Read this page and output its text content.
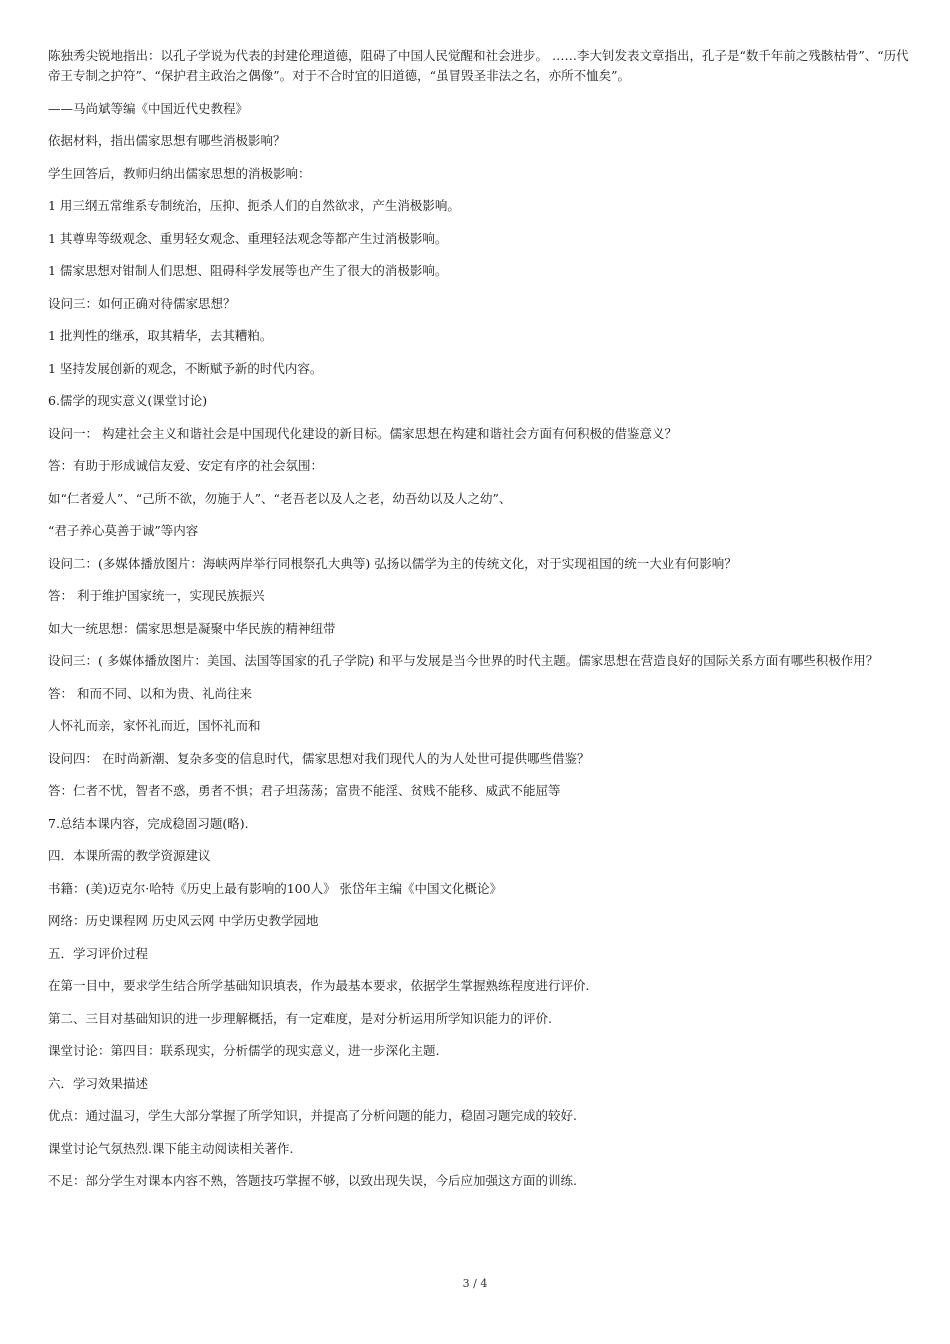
陈独秀尖锐地指出：以孔子学说为代表的封建伦理道德，阻碍了中国人民觉醒和社会进步。 ……李大钊发表文章指出，孔子是“数千年前之残骸枯骨”、“历代帝王专制之护符”、“保护君主政治之偶像”。对于不合时宜的旧道德，“虽冒毁圣非法之名，亦所不恤矣”。

——马尚斌等编《中国近代史教程》

依据材料，指出儒家思想有哪些消极影响？

学生回答后，教师归纳出儒家思想的消极影响：

1 用三纲五常维系专制统治，压抑、扼杀人们的自然欲求，产生消极影响。

1 其尊卑等级观念、重男轻女观念、重理轻法观念等都产生过消极影响。

1 儒家思想对钳制人们思想、阻碍科学发展等也产生了很大的消极影响。

设问三：如何正确对待儒家思想？

1 批判性的继承，取其精华，去其糟粕。

1 坚持发展创新的观念，不断赋予新的时代内容。

6.儒学的现实意义(课堂讨论)

设问一： 构建社会主义和谐社会是中国现代化建设的新目标。儒家思想在构建和谐社会方面有何积极的借鉴意义？

答：有助于形成诚信友爱、安定有序的社会氛围：

如“仁者爱人”、“己所不欲，勿施于人”、“老吾老以及人之老，幼吾幼以及人之幼”、

“君子养心莫善于诚”等内容

设问二：(多媒体播放图片：海峡两岸举行同根祭孔大典等) 弘扬以儒学为主的传统文化，对于实现祖国的统一大业有何影响？

答： 利于维护国家统一，实现民族振兴

如大一统思想：儒家思想是凝聚中华民族的精神纽带

设问三：( 多媒体播放图片：美国、法国等国家的孔子学院) 和平与发展是当今世界的时代主题。儒家思想在营造良好的国际关系方面有哪些积极作用？

答： 和而不同、以和为贵、礼尚往来

人怀礼而亲，家怀礼而近，国怀礼而和

设问四： 在时尚新潮、复杂多变的信息时代，儒家思想对我们现代人的为人处世可提供哪些借鉴？

答：仁者不忧，智者不惑，勇者不惧；君子坦荡荡；富贵不能淫、贫贱不能移、威武不能屈等

7.总结本课内容，完成稳固习题(略).

四．本课所需的教学资源建议

书籍：(美)迈克尔·哈特《历史上最有影响的100人》 张岱年主编《中国文化概论》

网络：历史课程网 历史风云网 中学历史教学园地

五．学习评价过程

在第一目中，要求学生结合所学基础知识填表，作为最基本要求，依据学生掌握熟练程度进行评价.

第二、三目对基础知识的进一步理解概括，有一定难度，是对分析运用所学知识能力的评价.

课堂讨论：第四目：联系现实，分析儒学的现实意义，进一步深化主题.

六．学习效果描述

优点：通过温习，学生大部分掌握了所学知识，并提高了分析问题的能力，稳固习题完成的较好.

课堂讨论气氛热烈.课下能主动阅读相关著作.

不足：部分学生对课本内容不熟，答题技巧掌握不够，以致出现失误，今后应加强这方面的训练.

3 / 4
